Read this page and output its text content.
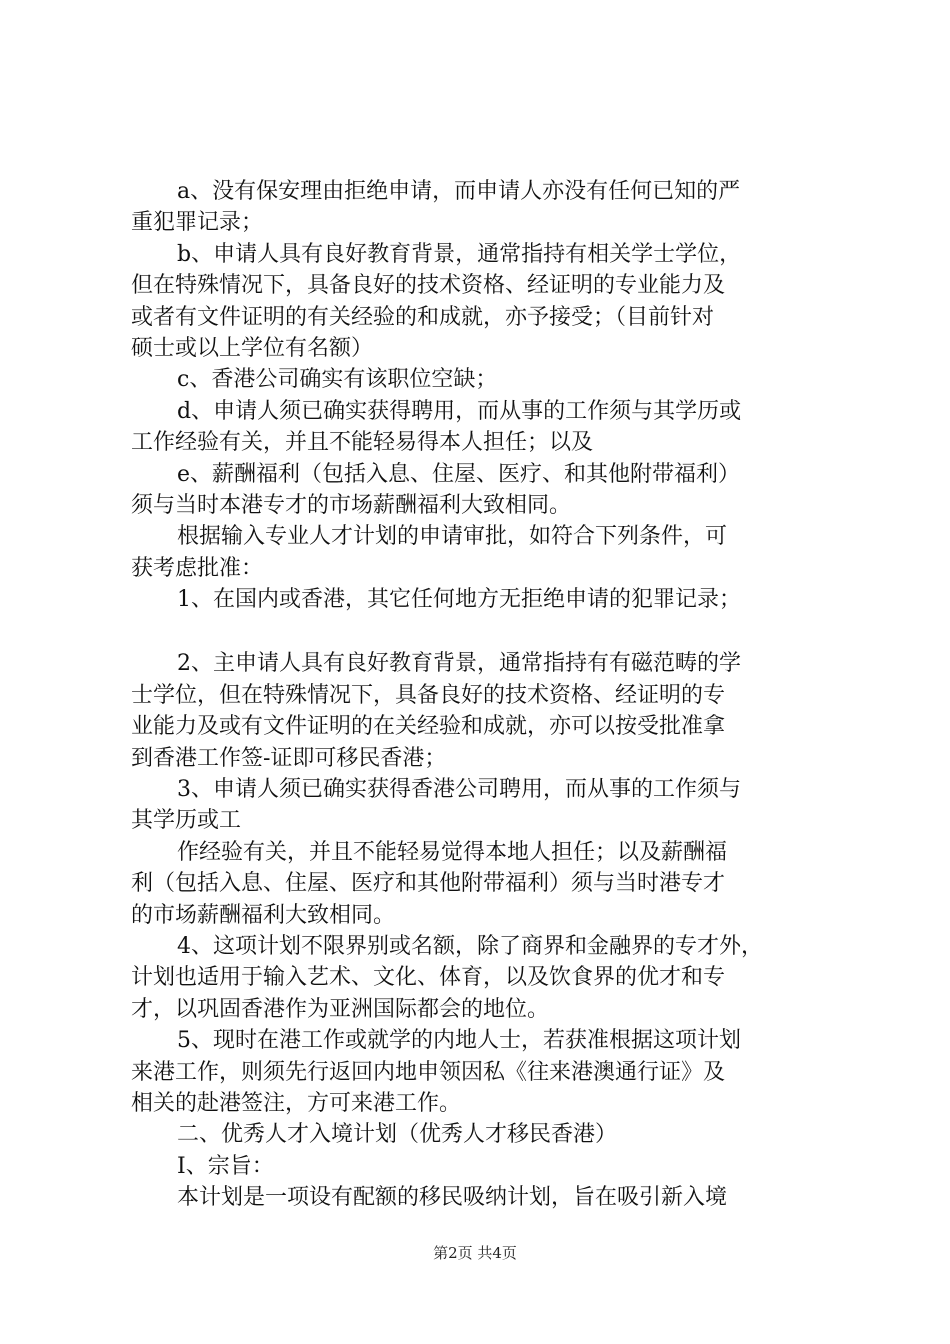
a、没有保安理由拒绝申请，而申请人亦没有任何已知的严
重犯罪记录；
b、申请人具有良好教育背景，通常指持有相关学士学位，
但在特殊情况下，具备良好的技术资格、经证明的专业能力及
或者有文件证明的有关经验的和成就，亦予接受；（目前针对
硕士或以上学位有名额）
c、香港公司确实有该职位空缺；
d、申请人须已确实获得聘用，而从事的工作须与其学历或
工作经验有关，并且不能轻易得本人担任；以及
e、薪酬福利（包括入息、住屋、医疗、和其他附带福利）
须与当时本港专才的市场薪酬福利大致相同。
根据输入专业人才计划的申请审批，如符合下列条件，可
获考虑批准：
1、在国内或香港，其它任何地方无拒绝申请的犯罪记录；
2、主申请人具有良好教育背景，通常指持有有磁范畴的学
士学位，但在特殊情况下，具备良好的技术资格、经证明的专
业能力及或有文件证明的在关经验和成就，亦可以按受批准拿
到香港工作签-证即可移民香港；
3、申请人须已确实获得香港公司聘用，而从事的工作须与
其学历或工
作经验有关，并且不能轻易觉得本地人担任；以及薪酬福
利（包括入息、住屋、医疗和其他附带福利）须与当时港专才
的市场薪酬福利大致相同。
4、这项计划不限界别或名额，除了商界和金融界的专才外，
计划也适用于输入艺术、文化、体育，以及饮食界的优才和专
才，以巩固香港作为亚洲国际都会的地位。
5、现时在港工作或就学的内地人士，若获准根据这项计划
来港工作，则须先行返回内地申领因私《往来港澳通行证》及
相关的赴港签注，方可来港工作。
二、优秀人才入境计划（优秀人才移民香港）
Ⅰ、宗旨：
本计划是一项设有配额的移民吸纳计划，旨在吸引新入境
第2页 共4页
